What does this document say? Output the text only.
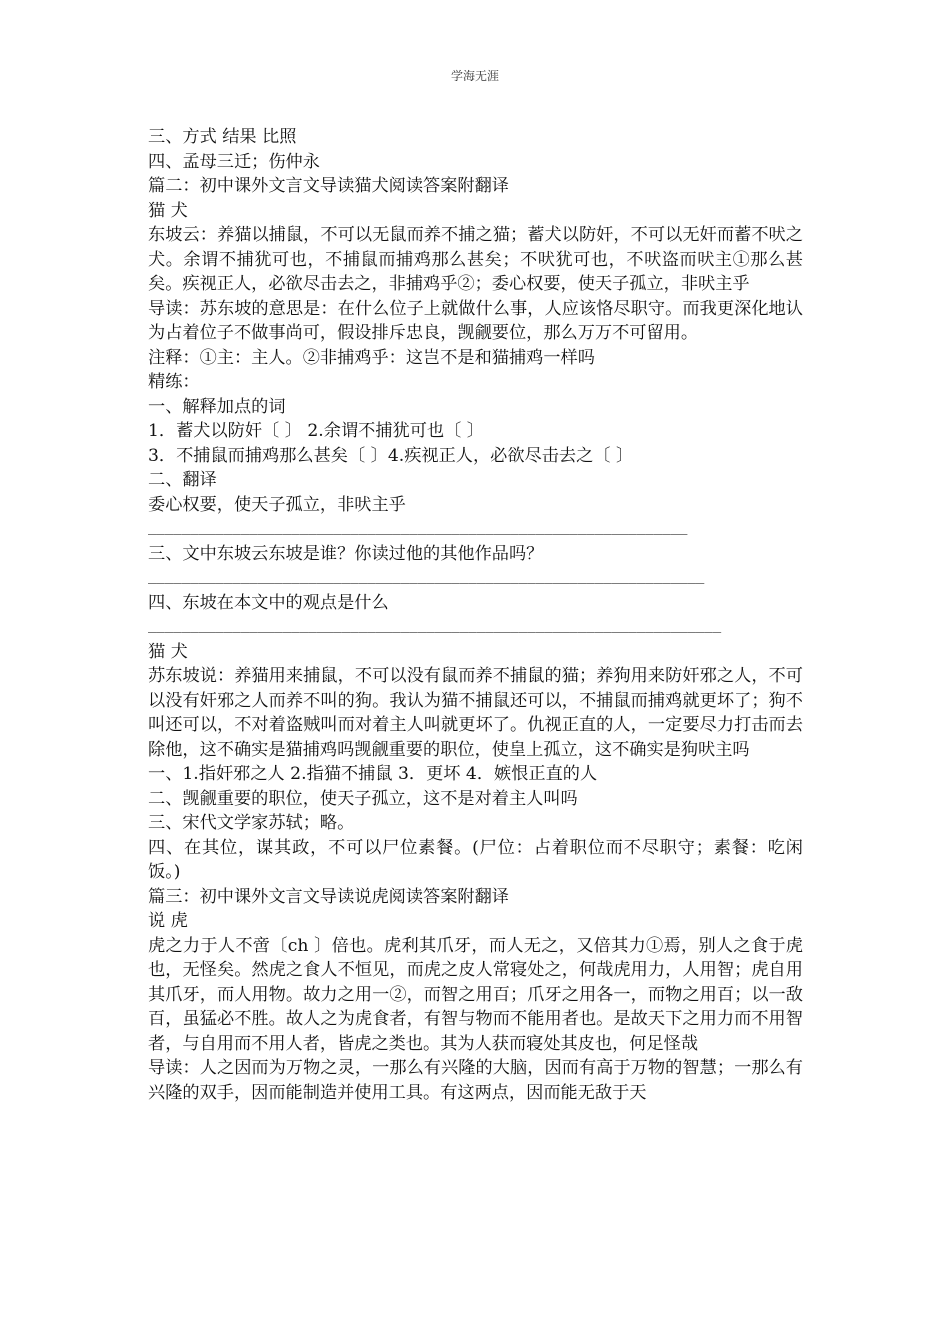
学海无涯

三、方式 结果 比照

四、孟母三迁；伤仲永

篇二：初中课外文言文导读猫犬阅读答案附翻译

猫 犬

东坡云：养猫以捕鼠，不可以无鼠而养不捕之猫；蓄犬以防奸，不可以无奸而蓄不吠之犬。余谓不捕犹可也，不捕鼠而捕鸡那么甚矣；不吠犹可也，不吠盗而吠主①那么甚矣。疾视正人，必欲尽击去之，非捕鸡乎②；委心权要，使天子孤立，非吠主乎

导读：苏东坡的意思是：在什么位子上就做什么事，人应该恪尽职守。而我更深化地认为占着位子不做事尚可，假设排斥忠良，觊觎要位，那么万万不可留用。

注释：①主：主人。②非捕鸡乎：这岂不是和猫捕鸡一样吗

精练：

一、解释加点的词

1．蓄犬以防奸〔 〕 2.余谓不捕犹可也〔 〕

3．不捕鼠而捕鸡那么甚矣〔 〕4.疾视正人，必欲尽击去之〔 〕

二、翻译

委心权要，使天子孤立，非吠主乎

________________________________________________________________

三、文中东坡云东坡是谁？你读过他的其他作品吗？

__________________________________________________________________

四、东坡在本文中的观点是什么

____________________________________________________________________

猫 犬

苏东坡说：养猫用来捕鼠，不可以没有鼠而养不捕鼠的猫；养狗用来防奸邪之人，不可以没有奸邪之人而养不叫的狗。我认为猫不捕鼠还可以，不捕鼠而捕鸡就更坏了；狗不叫还可以，不对着盗贼叫而对着主人叫就更坏了。仇视正直的人，一定要尽力打击而去除他，这不确实是猫捕鸡吗觊觎重要的职位，使皇上孤立，这不确实是狗吠主吗

一、1.指奸邪之人 2.指猫不捕鼠 3．更坏 4．嫉恨正直的人

二、觊觎重要的职位，使天子孤立，这不是对着主人叫吗

三、宋代文学家苏轼；略。

四、在其位，谋其政，不可以尸位素餐。(尸位：占着职位而不尽职守；素餐：吃闲饭。)

篇三：初中课外文言文导读说虎阅读答案附翻译

说 虎

虎之力于人不啻〔ch 〕倍也。虎利其爪牙，而人无之，又倍其力①焉，别人之食于虎也，无怪矣。然虎之食人不恒见，而虎之皮人常寝处之，何哉虎用力，人用智；虎自用其爪牙，而人用物。故力之用一②，而智之用百；爪牙之用各一，而物之用百；以一敌百，虽猛必不胜。故人之为虎食者，有智与物而不能用者也。是故天下之用力而不用智者，与自用而不用人者，皆虎之类也。其为人获而寝处其皮也，何足怪哉

导读：人之因而为万物之灵，一那么有兴隆的大脑，因而有高于万物的智慧；一那么有兴隆的双手，因而能制造并使用工具。有这两点，因而能无敌于天
